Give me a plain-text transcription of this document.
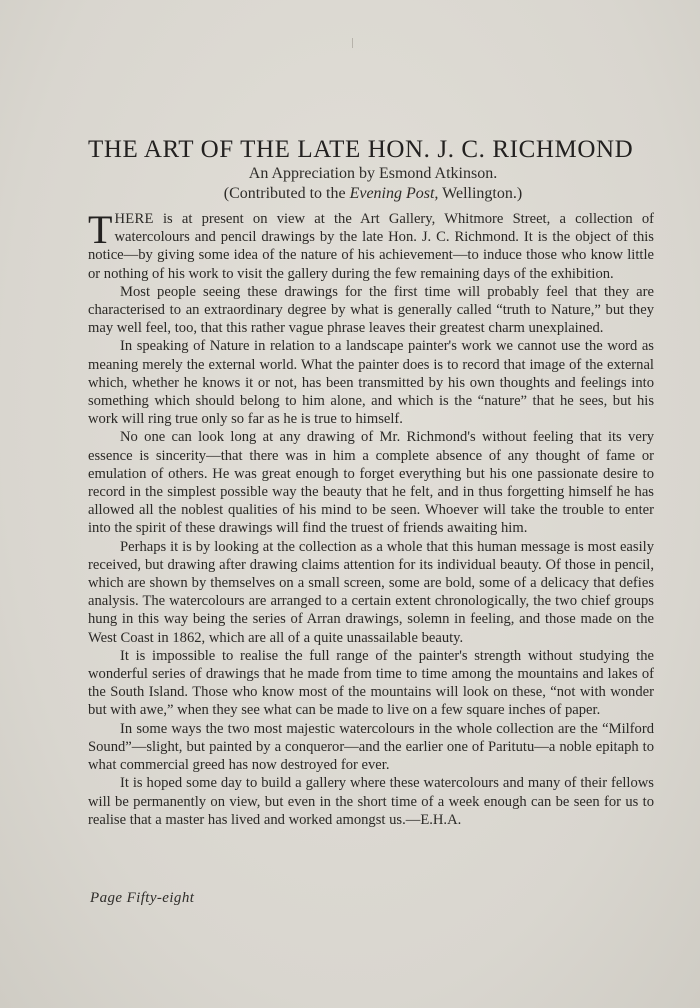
THE ART OF THE LATE HON. J. C. RICHMOND
An Appreciation by Esmond Atkinson.
(Contributed to the Evening Post, Wellington.)

THERE is at present on view at the Art Gallery, Whitmore Street, a collection of watercolours and pencil drawings by the late Hon. J. C. Richmond. It is the object of this notice—by giving some idea of the nature of his achievement—to induce those who know little or nothing of his work to visit the gallery during the few remaining days of the exhibition.

Most people seeing these drawings for the first time will probably feel that they are characterised to an extraordinary degree by what is generally called “truth to Nature,” but they may well feel, too, that this rather vague phrase leaves their greatest charm unexplained.

In speaking of Nature in relation to a landscape painter's work we cannot use the word as meaning merely the external world. What the painter does is to record that image of the external which, whether he knows it or not, has been transmitted by his own thoughts and feelings into something which should belong to him alone, and which is the “nature” that he sees, but his work will ring true only so far as he is true to himself.

No one can look long at any drawing of Mr. Richmond's without feeling that its very essence is sincerity—that there was in him a complete absence of any thought of fame or emulation of others. He was great enough to forget everything but his one passionate desire to record in the simplest possible way the beauty that he felt, and in thus forgetting himself he has allowed all the noblest qualities of his mind to be seen. Whoever will take the trouble to enter into the spirit of these drawings will find the truest of friends awaiting him.

Perhaps it is by looking at the collection as a whole that this human message is most easily received, but drawing after drawing claims attention for its individual beauty. Of those in pencil, which are shown by themselves on a small screen, some are bold, some of a delicacy that defies analysis. The watercolours are arranged to a certain extent chronologically, the two chief groups hung in this way being the series of Arran drawings, solemn in feeling, and those made on the West Coast in 1862, which are all of a quite unassailable beauty.

It is impossible to realise the full range of the painter's strength without studying the wonderful series of drawings that he made from time to time among the mountains and lakes of the South Island. Those who know most of the mountains will look on these, “not with wonder but with awe,” when they see what can be made to live on a few square inches of paper.

In some ways the two most majestic watercolours in the whole collection are the “Milford Sound”—slight, but painted by a conqueror—and the earlier one of Paritutu—a noble epitaph to what commercial greed has now destroyed for ever.

It is hoped some day to build a gallery where these watercolours and many of their fellows will be permanently on view, but even in the short time of a week enough can be seen for us to realise that a master has lived and worked amongst us.—E.H.A.

Page Fifty-eight
